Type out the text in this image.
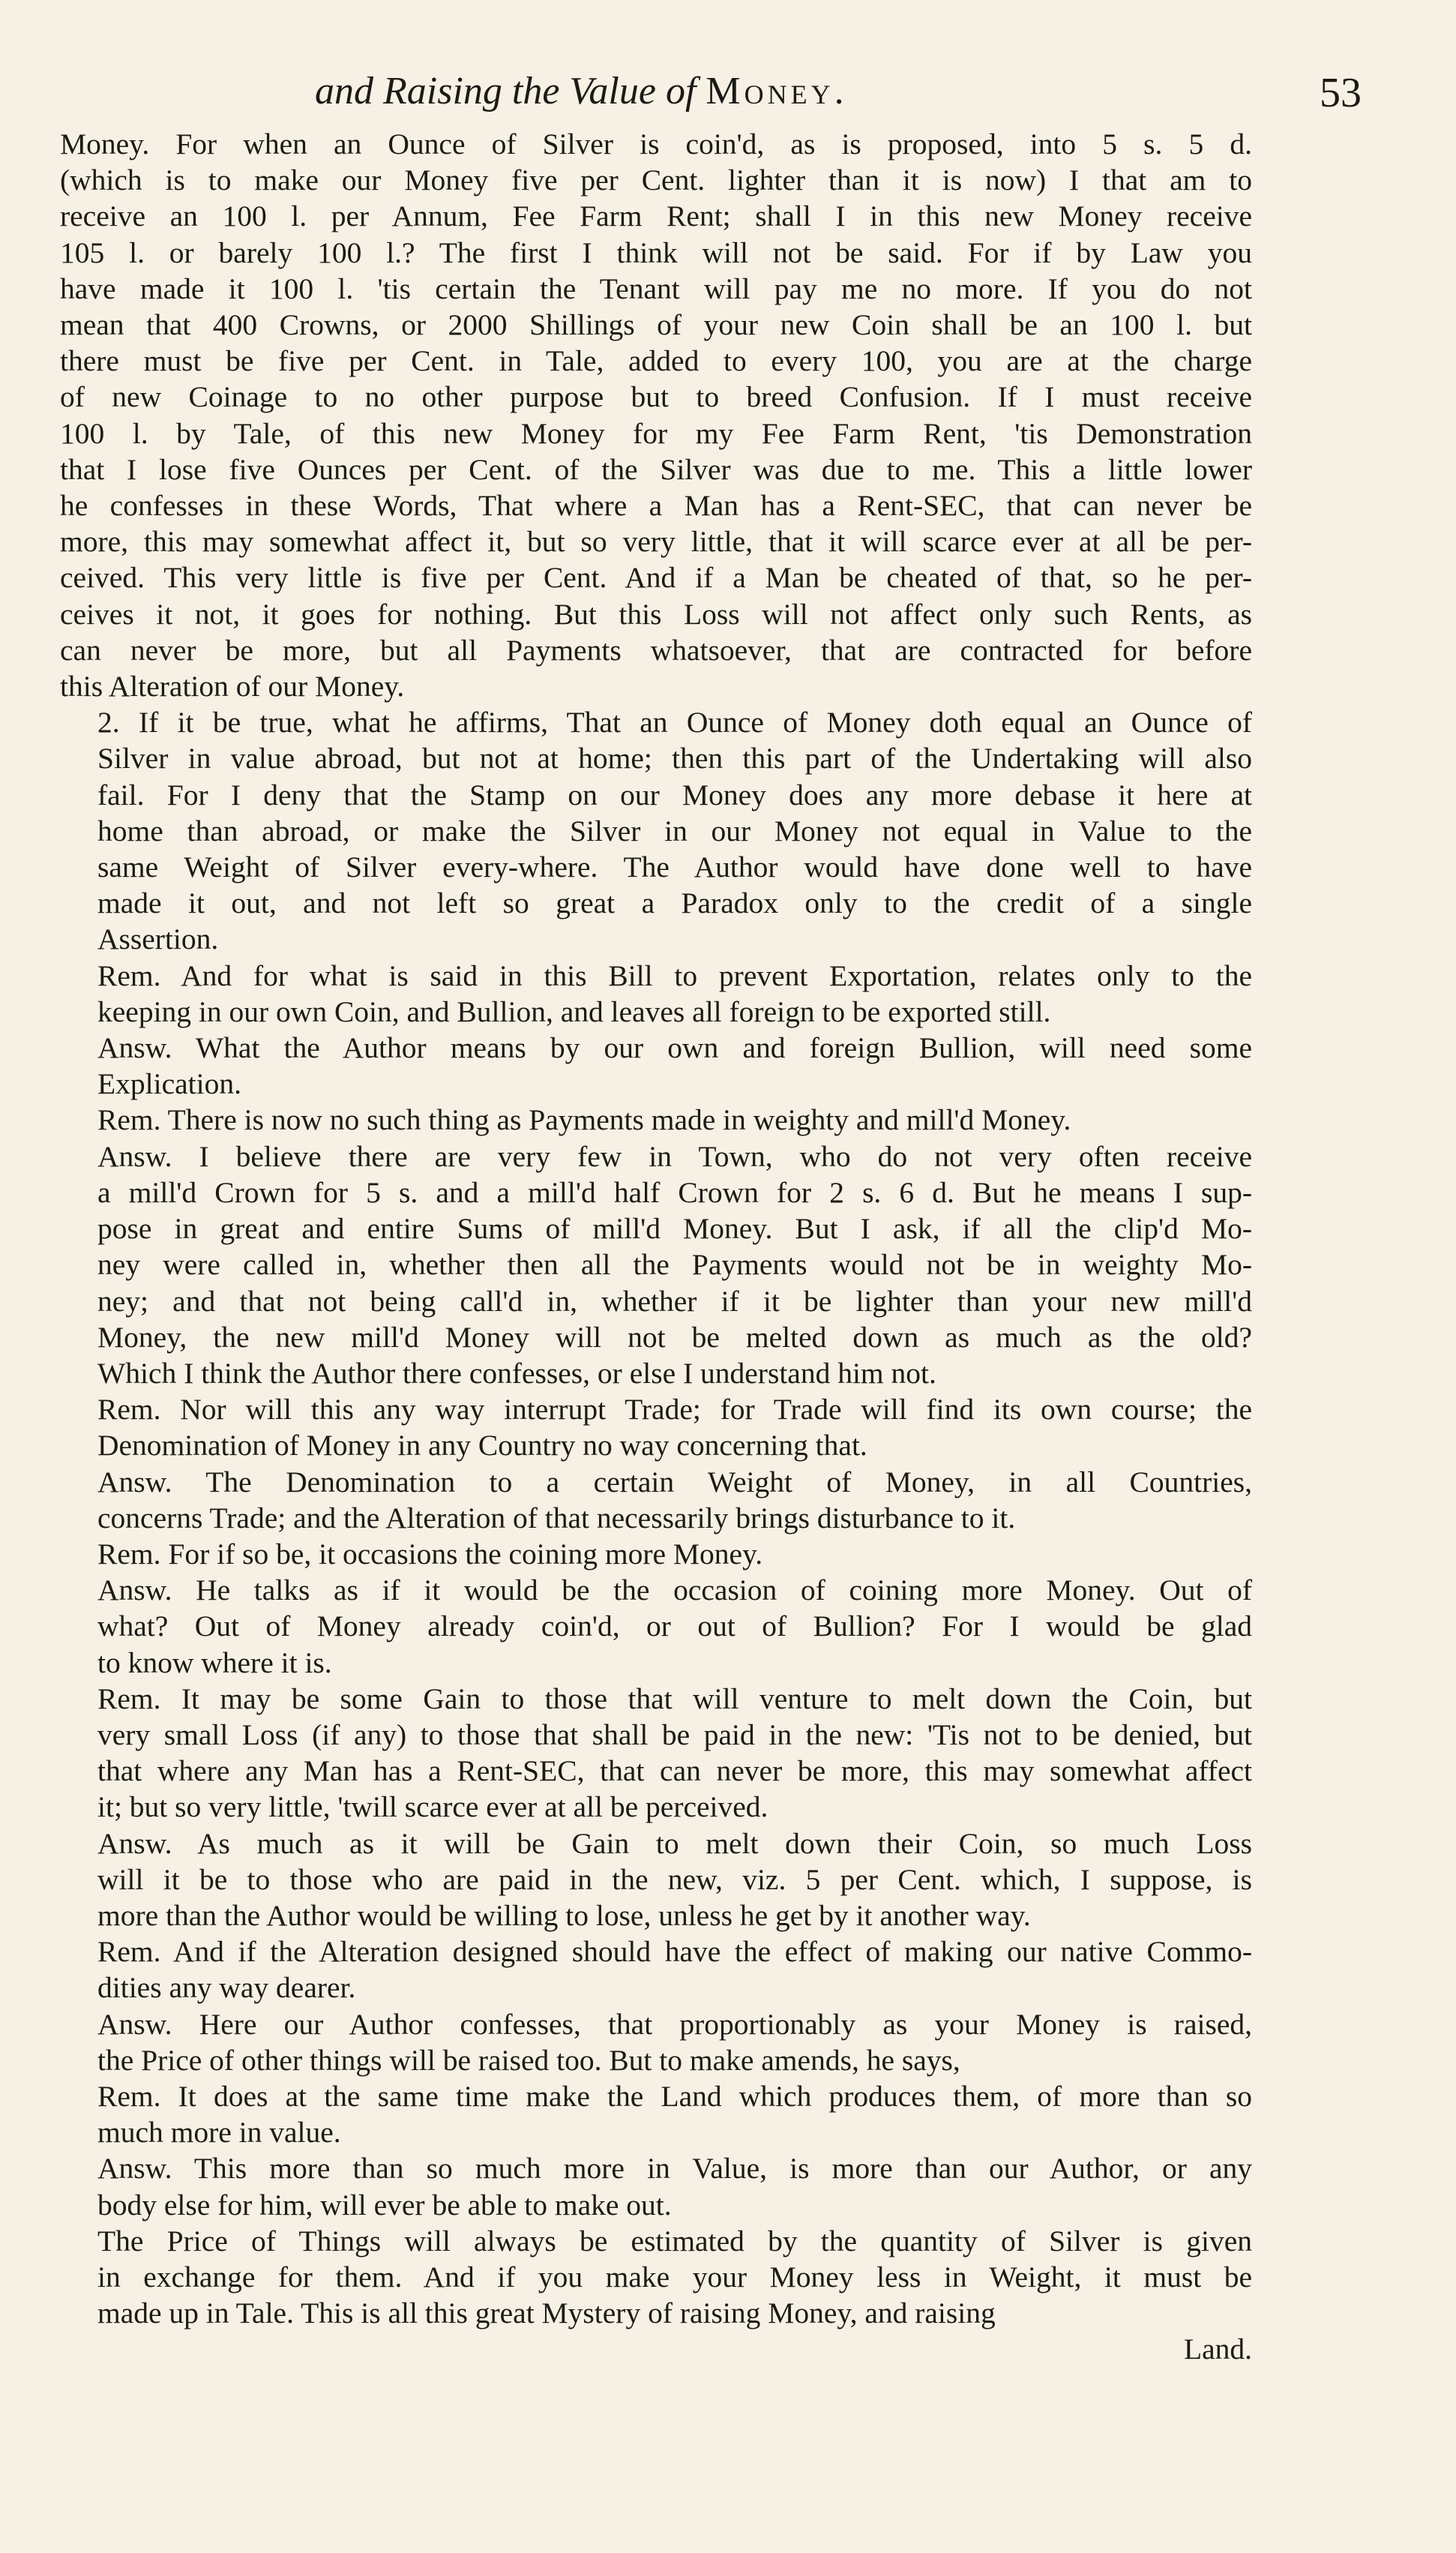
and Raising the Value of Money.	53

Money. For when an Ounce of Silver is coin'd, as is proposed, into 5 s. 5 d.
(which is to make our Money five per Cent. lighter than it is now) I that am to
receive an 100 l. per Annum, Fee Farm Rent; shall I in this new Money receive
105 l. or barely 100 l.? The first I think will not be said. For if by Law you
have made it 100 l. 'tis certain the Tenant will pay me no more. If you do not
mean that 400 Crowns, or 2000 Shillings of your new Coin shall be an 100 l. but
there must be five per Cent. in Tale, added to every 100, you are at the charge
of new Coinage to no other purpose but to breed Confusion. If I must receive
100 l. by Tale, of this new Money for my Fee Farm Rent, 'tis Demonstration
that I lose five Ounces per Cent. of the Silver was due to me. This a little lower
he confesses in these Words, That where a Man has a Rent-SEC, that can never be
more, this may somewhat affect it, but so very little, that it will scarce ever at all be per-
ceived. This very little is five per Cent. And if a Man be cheated of that, so he per-
ceives it not, it goes for nothing. But this Loss will not affect only such Rents, as
can never be more, but all Payments whatsoever, that are contracted for before
this Alteration of our Money.

2. If it be true, what he affirms, That an Ounce of Money doth equal an Ounce of
Silver in value abroad, but not at home; then this part of the Undertaking will also
fail. For I deny that the Stamp on our Money does any more debase it here at
home than abroad, or make the Silver in our Money not equal in Value to the
same Weight of Silver every-where. The Author would have done well to have
made it out, and not left so great a Paradox only to the credit of a single
Assertion.

Rem. And for what is said in this Bill to prevent Exportation, relates only to the
keeping in our own Coin, and Bullion, and leaves all foreign to be exported still.

Answ. What the Author means by our own and foreign Bullion, will need some
Explication.

Rem. There is now no such thing as Payments made in weighty and mill'd Money.

Answ. I believe there are very few in Town, who do not very often receive
a mill'd Crown for 5 s. and a mill'd half Crown for 2 s. 6 d. But he means I sup-
pose in great and entire Sums of mill'd Money. But I ask, if all the clip'd Mo-
ney were called in, whether then all the Payments would not be in weighty Mo-
ney; and that not being call'd in, whether if it be lighter than your new mill'd
Money, the new mill'd Money will not be melted down as much as the old?
Which I think the Author there confesses, or else I understand him not.

Rem. Nor will this any way interrupt Trade; for Trade will find its own course; the
Denomination of Money in any Country no way concerning that.

Answ. The Denomination to a certain Weight of Money, in all Countries,
concerns Trade; and the Alteration of that necessarily brings disturbance to it.

Rem. For if so be, it occasions the coining more Money.

Answ. He talks as if it would be the occasion of coining more Money. Out of
what? Out of Money already coin'd, or out of Bullion? For I would be glad
to know where it is.

Rem. It may be some Gain to those that will venture to melt down the Coin, but
very small Loss (if any) to those that shall be paid in the new: 'Tis not to be denied, but
that where any Man has a Rent-SEC, that can never be more, this may somewhat affect
it; but so very little, 'twill scarce ever at all be perceived.

Answ. As much as it will be Gain to melt down their Coin, so much Loss
will it be to those who are paid in the new, viz. 5 per Cent. which, I suppose, is
more than the Author would be willing to lose, unless he get by it another way.

Rem. And if the Alteration designed should have the effect of making our native Commo-
dities any way dearer.

Answ. Here our Author confesses, that proportionably as your Money is raised,
the Price of other things will be raised too. But to make amends, he says,

Rem. It does at the same time make the Land which produces them, of more than so
much more in value.

Answ. This more than so much more in Value, is more than our Author, or any
body else for him, will ever be able to make out.

The Price of Things will always be estimated by the quantity of Silver is given
in exchange for them. And if you make your Money less in Weight, it must be
made up in Tale. This is all this great Mystery of raising Money, and raising

Land.
